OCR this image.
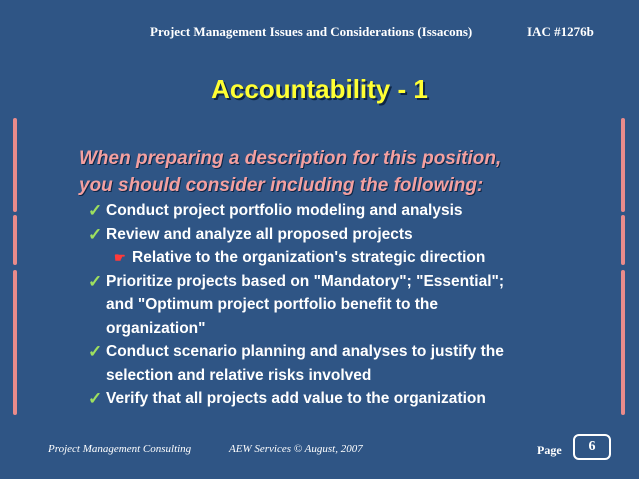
Project Management Issues and Considerations (Issacons)	IAC #1276b
Accountability - 1
When preparing a description for this position,
you should consider including the following:
✓ Conduct project portfolio modeling and analysis
✓ Review and analyze all proposed projects
☛ Relative to the organization's strategic direction
✓ Prioritize projects based on "Mandatory"; "Essential";
and "Optimum project portfolio benefit to the
organization"
✓ Conduct scenario planning and analyses to justify the
selection and relative risks involved
✓ Verify that all projects add value to the organization
Project Management Consulting	AEW Services © August, 2007	Page	6
